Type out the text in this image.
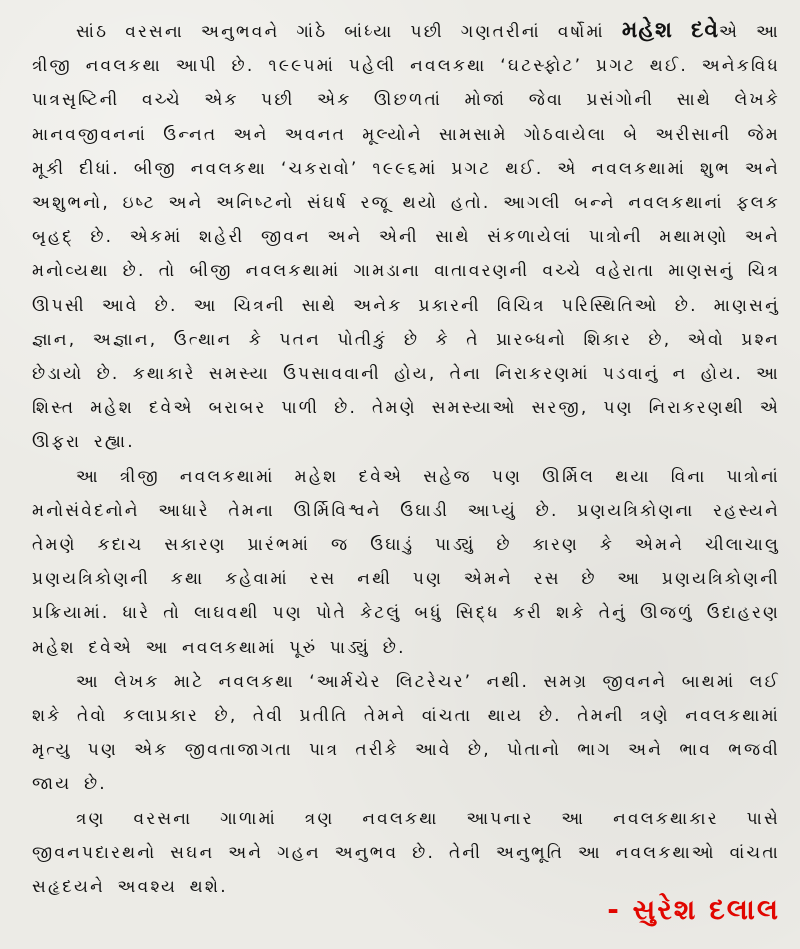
સાંઠ વરસના અનુભવને ગાંઠે બાંધ્યા પછી ગણતરીનાં વર્ષોમાં મહેશ દવેએ આ ત્રીજી નવલકથા આપી છે. ૧૯૯૫માં પહેલી નવલકથા ‘ઘટસ્ફોટ’ પ્રગટ થઈ. અનેકવિધ પાત્રસૃષ્ટિની વચ્ચે એક પછી એક ઊછળતાં મોજાં જેવા પ્રસંગોની સાથે લેખકે માનવજીવનનાં ઉન્નત અને અવનત મૂલ્યોને સામસામે ગોઠવાયેલા બે અરીસાની જેમ મૂકી દીધાં. બીજી નવલકથા ‘ચકરાવો’ ૧૯૯૬માં પ્રગટ થઈ. એ નવલકથામાં શુભ અને અશુભનો, ઇષ્ટ અને અનિષ્ટનો સંઘર્ષ રજૂ થયો હતો. આગલી બન્ને નવલકથાનાં ફલક બૃહદ્ છે. એકમાં શહેરી જીવન અને એની સાથે સંકળાયેલાં પાત્રોની મથામણો અને મનોવ્યથા છે. તો બીજી નવલકથામાં ગામડાના વાતાવરણની વચ્ચે વહેરાતા માણસનું ચિત્ર ઊપસી આવે છે. આ ચિત્રની સાથે અનેક પ્રકારની વિચિત્ર પરિસ્થિતિઓ છે. માણસનું જ્ઞાન, અજ્ઞાન, ઉત્થાન કે પતન પોતીકું છે કે તે પ્રારબ્ધનો શિકાર છે, એવો પ્રશ્ન છેડાયો છે. કથાકારે સમસ્યા ઉપસાવવાની હોય, તેના નિરાકરણમાં પડવાનું ન હોય. આ શિસ્ત મહેશ દવેએ બરાબર પાળી છે. તેમણે સમસ્યાઓ સરજી, પણ નિરાકરણથી એ ઊફરા રહ્યા.

આ ત્રીજી નવલકથામાં મહેશ દવેએ સહેજ પણ ઊર્મિલ થયા વિના પાત્રોનાં મનોસંવેદનોને આધારે તેમના ઊર્મિવિશ્વને ઉઘાડી આપ્યું છે. પ્રણયત્રિકોણના રહસ્યને તેમણે કદાચ સકારણ પ્રારંભમાં જ ઉઘાડું પાડ્યું છે કારણ કે એમને ચીલાચાલુ પ્રણયત્રિકોણની કથા કહેવામાં રસ નથી પણ એમને રસ છે આ પ્રણયત્રિકોણની પ્રક્રિયામાં. ધારે તો લાઘવથી પણ પોતે કેટલું બધું સિદ્ધ કરી શકે તેનું ઊજળું ઉદાહરણ મહેશ દવેએ આ નવલકથામાં પૂરું પાડ્યું છે.

આ લેખક માટે નવલકથા ‘આર્મચેર લિટરેચર’ નથી. સમગ્ર જીવનને બાથમાં લઈ શકે તેવો કલાપ્રકાર છે, તેવી પ્રતીતિ તેમને વાંચતા થાય છે. તેમની ત્રણે નવલકથામાં મૃત્યુ પણ એક જીવતાજાગતા પાત્ર તરીકે આવે છે, પોતાનો ભાગ અને ભાવ ભજવી જાય છે.

ત્રણ વરસના ગાળામાં ત્રણ નવલકથા આપનાર આ નવલકથાકાર પાસે જીવનપદારથનો સઘન અને ગહન અનુભવ છે. તેની અનુભૂતિ આ નવલકથાઓ વાંચતા સહૃદયને અવશ્ય થશે.

- સુરેશ દલાલ
